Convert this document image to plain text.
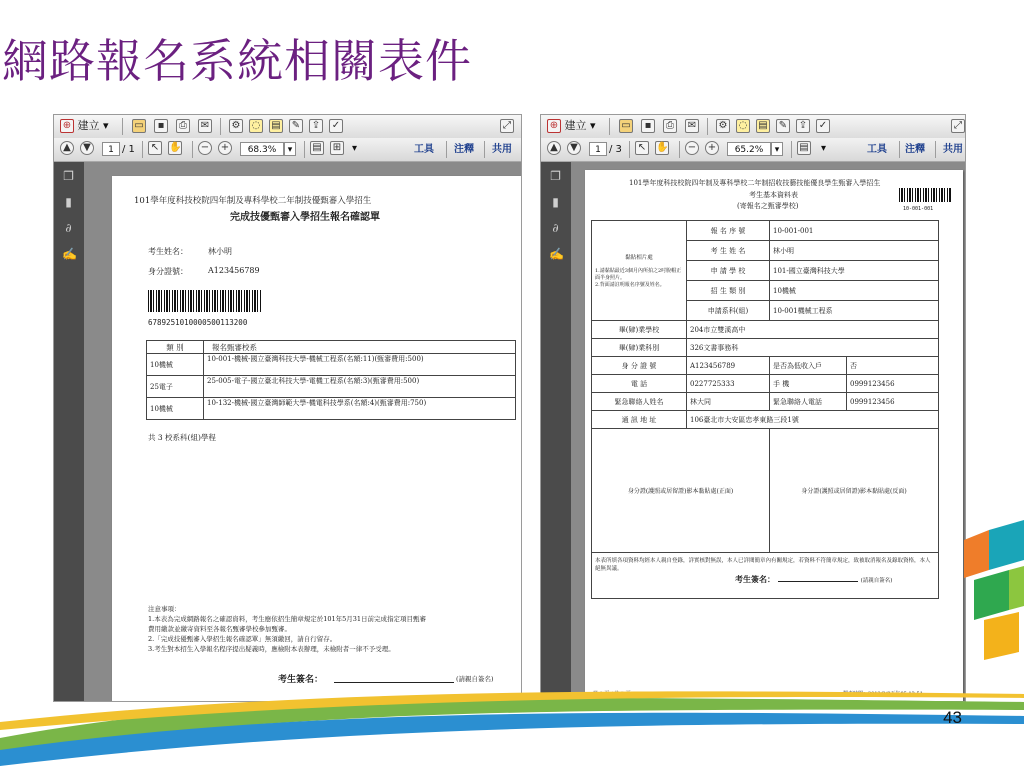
網路報名系統相關表件
⊕ 建立 ▾	▭	▪	⎙	✉ ⚙ ◌ ▤ ✎ ⇪ ✓	⤢
▲	▼	1 / 1 ↖ ✋ − +	68.3%	▾	▤ ⊞ ▾	工具 注釋 共用
❐
▮
∂
✍
101學年度科技校院四年制及專科學校二年制技優甄審入學招生
完成技優甄審入學招生報名確認單
考生姓名：	林小明
身分證號：	A123456789
678925101000050011320​0
類 別	報名甄審校系
10機械	10-001-機械-國立臺灣科技大學-機械工程系(名額:11)(甄審費用:500)
25電子	25-005-電子-國立臺北科技大學-電機工程系(名額:3)(甄審費用:500)
10機械	10-132-機械-國立臺灣師範大學-機電科技學系(名額:4)(甄審費用:750)
共 3 校系科(組)學程
注意事項：
1.本表為完成網路報名之確認資料，考生應依招生簡章規定於101年5月31日前完成指定項目甄審
費用繳款並繳寄資料至各報名甄審學校參加甄審。
2.「完成技優甄審入學招生報名確認單」無須繳回，請自行留存。
3.考生對本招生入學報名程序提出疑義時，應檢附本表辦理，未檢附者一律不予受理。
考生簽名：	(請親自簽名)
⊕ 建立 ▾	▭	▪	⎙	✉ ⚙ ◌ ▤ ✎ ⇪ ✓	⤢
▲	▼	1 / 3 ↖ ✋ − +	65.2%	▾	▤ ▾	工具 注釋 共用
❐
▮
∂
✍
101學年度科技校院四年制及專科學校二年制招收技藝技能優良學生甄審入學招生
考生基本資料表
(寄報名之甄審學校)	10-001-001
黏貼相片處
1.請黏貼最近3個月內所拍之2吋脫帽正面半身照片。
2.背面請註明報名序號及姓名。	報 名 序 號	10-001-001	
	考 生 姓 名	林小明	
	申 請 學 校	101-國立臺灣科技大學	
	招 生 類 別	10機械	
	申請系科(組)	10-001機械工程系	
畢(肄)業學校	204市立雙溪高中		
畢(肄)業科別	326文書事務科		
身 分 證 號	A123456789	是否為低收入戶	否
電 話	0227725333	手 機	0999123456
緊急聯絡人姓名	林大同	緊急聯絡人電話	0999123456
通 訊 地 址	106臺北市大安區忠孝東路三段1號		
身分證(護照或居留證)影本黏貼處(正面)		身分證(護照或居留證)影本黏貼處(反面)	

本表所填各項資料均經本人親自登錄，詳實核對無誤，本人已詳閱簡章內有關規定，若資料不符簡章規定，致被取消報名及錄取資格，本人絕無異議。
考生簽名： (請親自簽名)			
43
